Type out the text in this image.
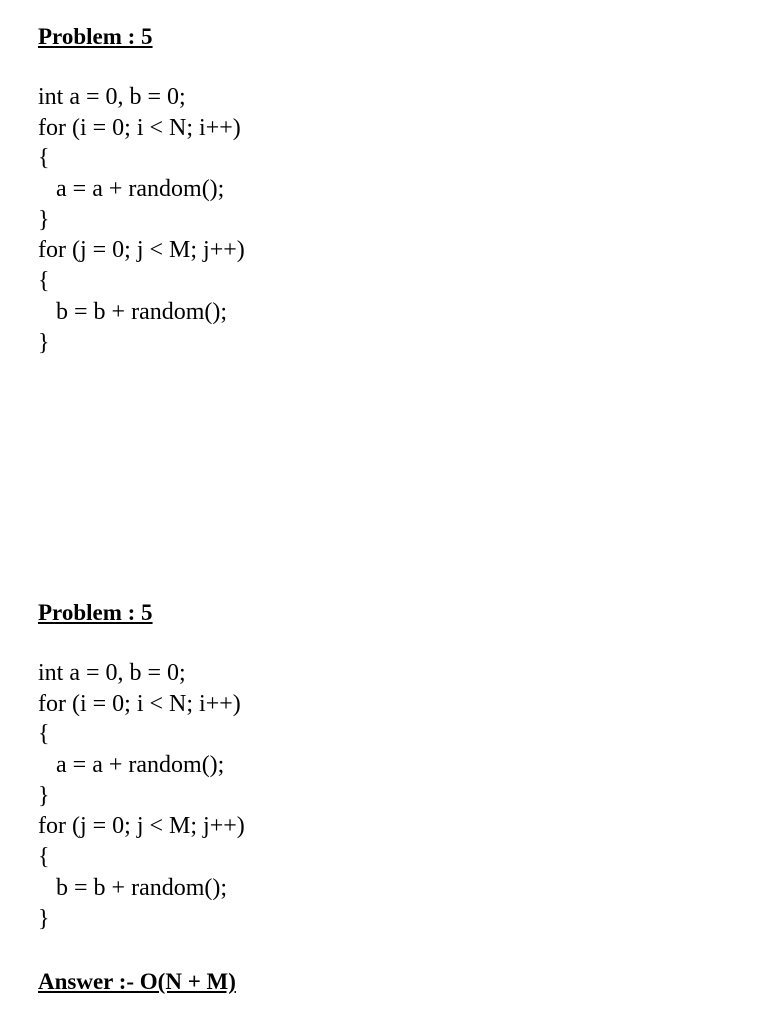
Problem : 5
int a = 0, b = 0;
for (i = 0; i < N; i++)
{
a = a + random();
}
for (j = 0; j < M; j++)
{
b = b + random();
}
Problem : 5
int a = 0, b = 0;
for (i = 0; i < N; i++)
{
a = a + random();
}
for (j = 0; j < M; j++)
{
b = b + random();
}
Answer :- O(N + M)
